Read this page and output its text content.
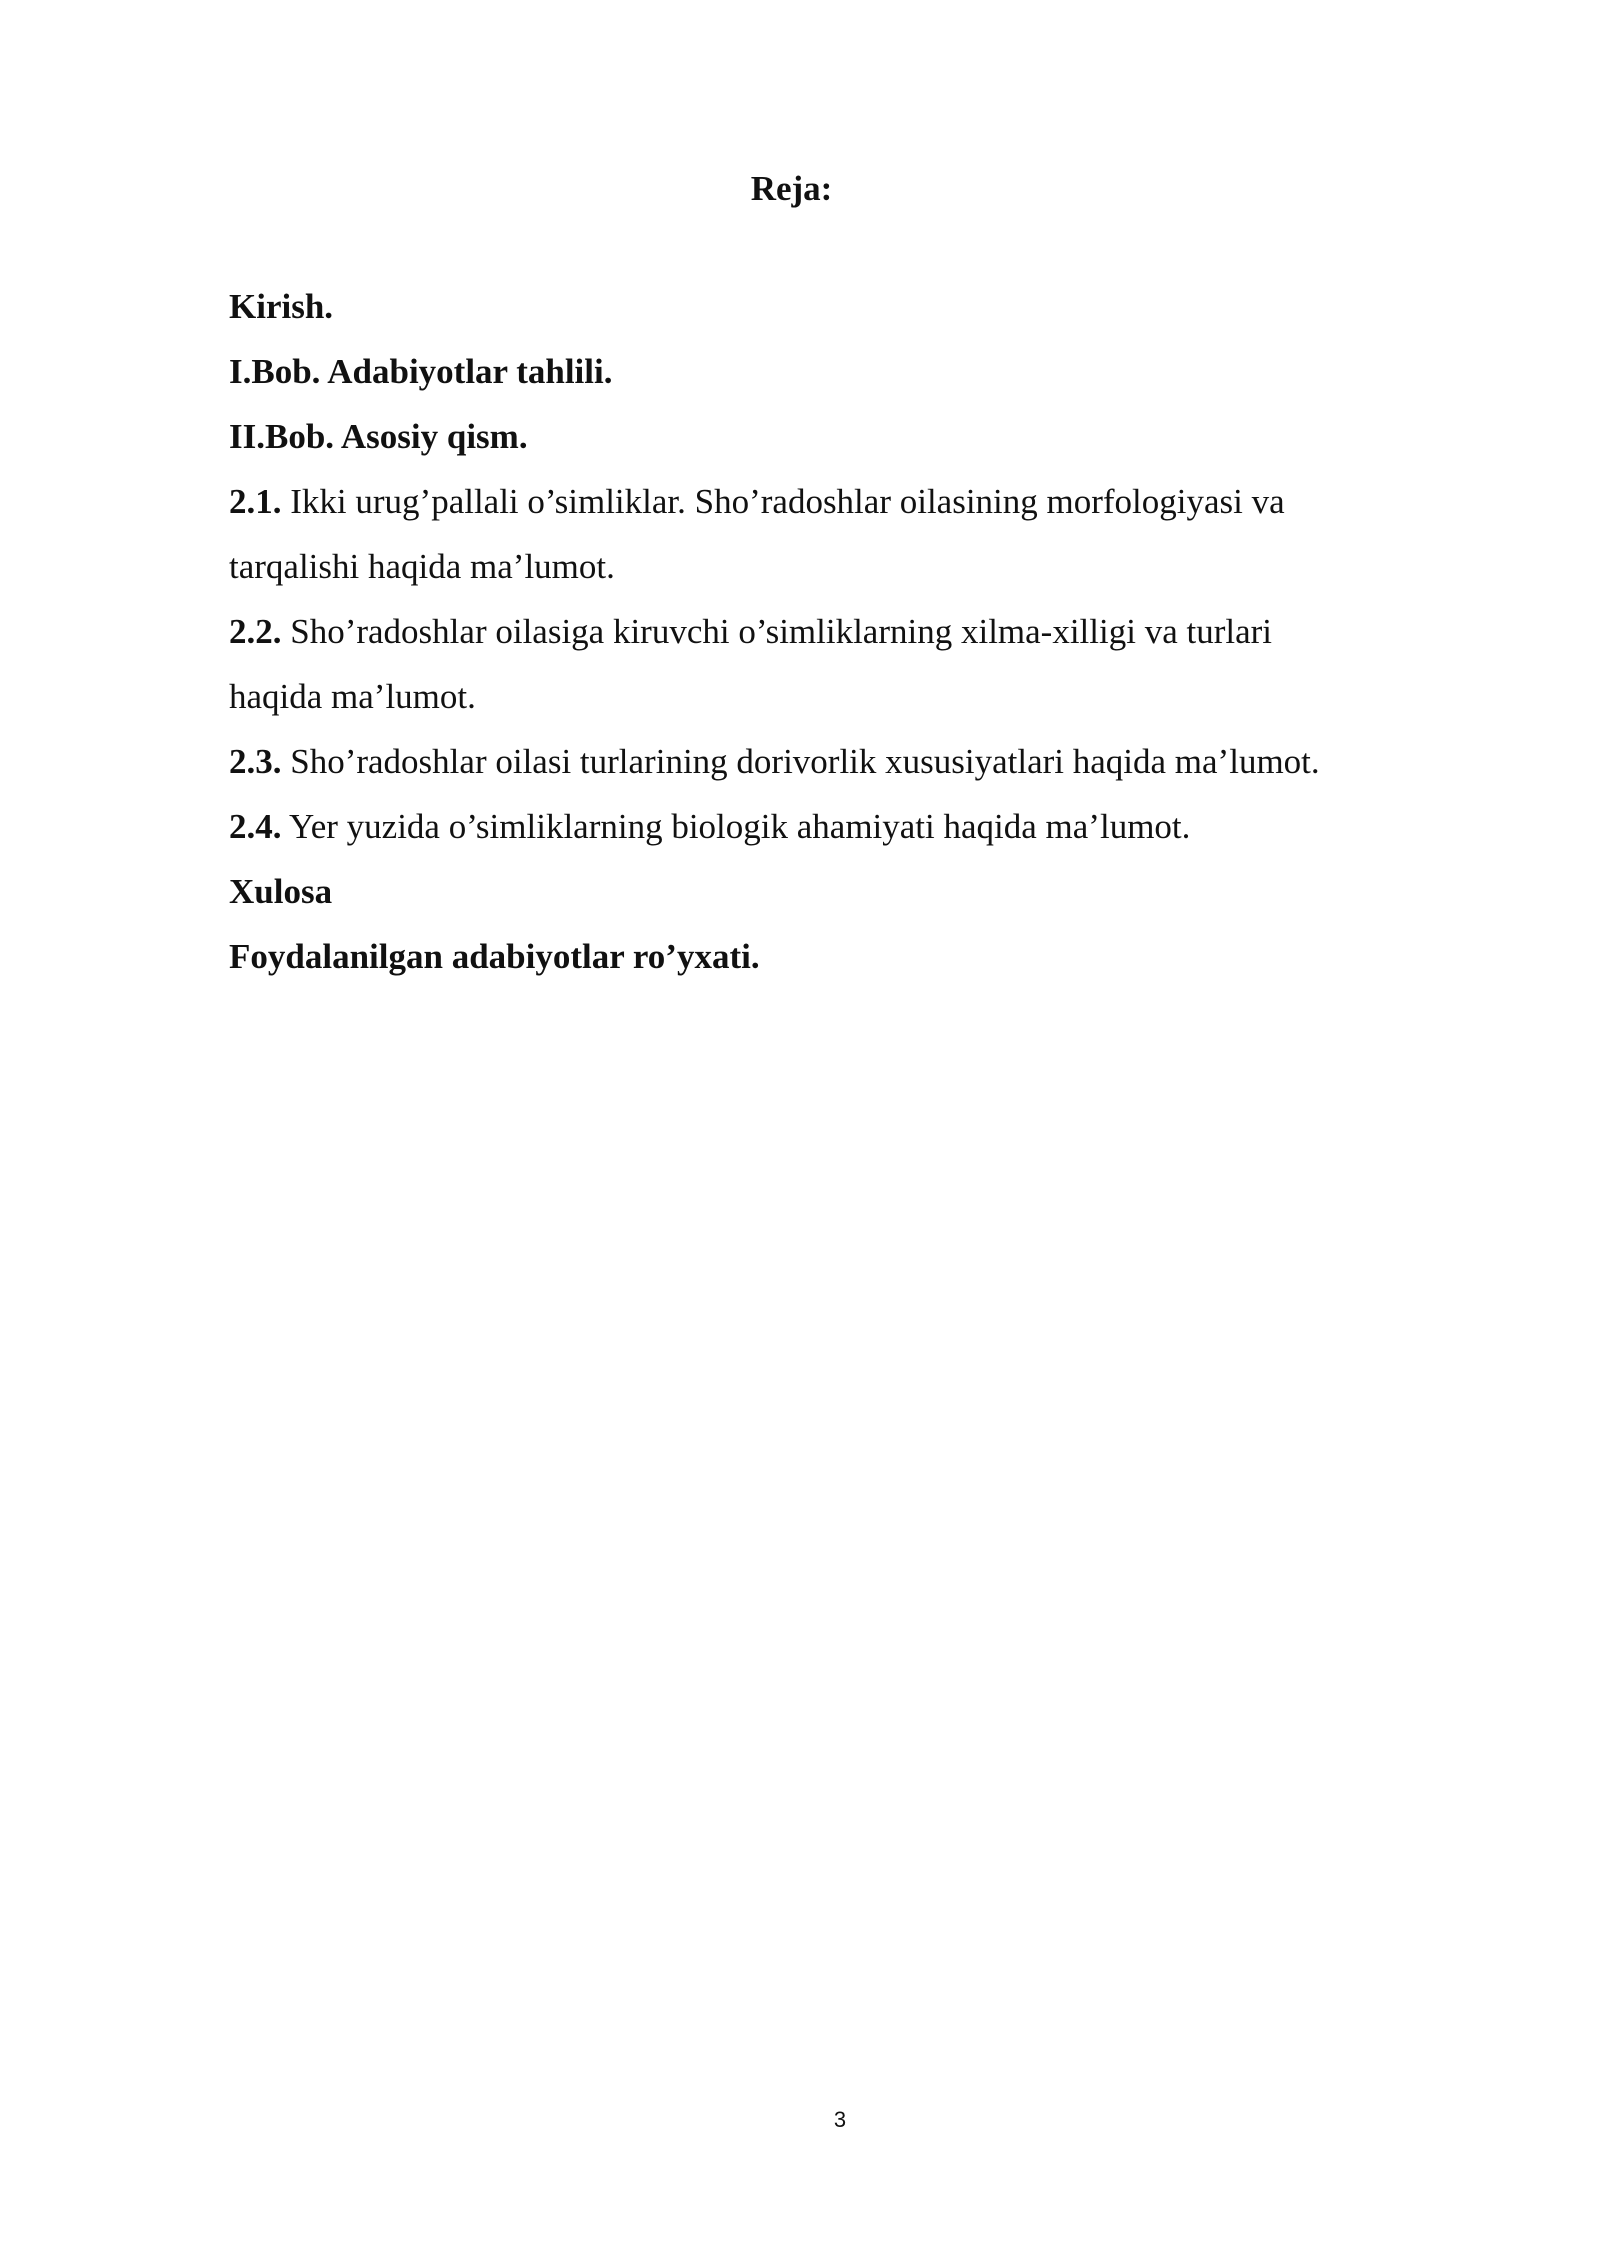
Reja:
Kirish.
I.Bob. Adabiyotlar tahlili.
II.Bob. Asosiy qism.
2.1. Ikki urug’pallali o’simliklar. Sho’radoshlar oilasining morfologiyasi va
tarqalishi haqida ma’lumot.
2.2. Sho’radoshlar oilasiga kiruvchi o’simliklarning xilma-xilligi va turlari
haqida ma’lumot.
2.3. Sho’radoshlar oilasi turlarining dorivorlik xususiyatlari haqida ma’lumot.
2.4. Yer yuzida o’simliklarning biologik ahamiyati haqida ma’lumot.
Xulosa
Foydalanilgan adabiyotlar ro’yxati.
3
